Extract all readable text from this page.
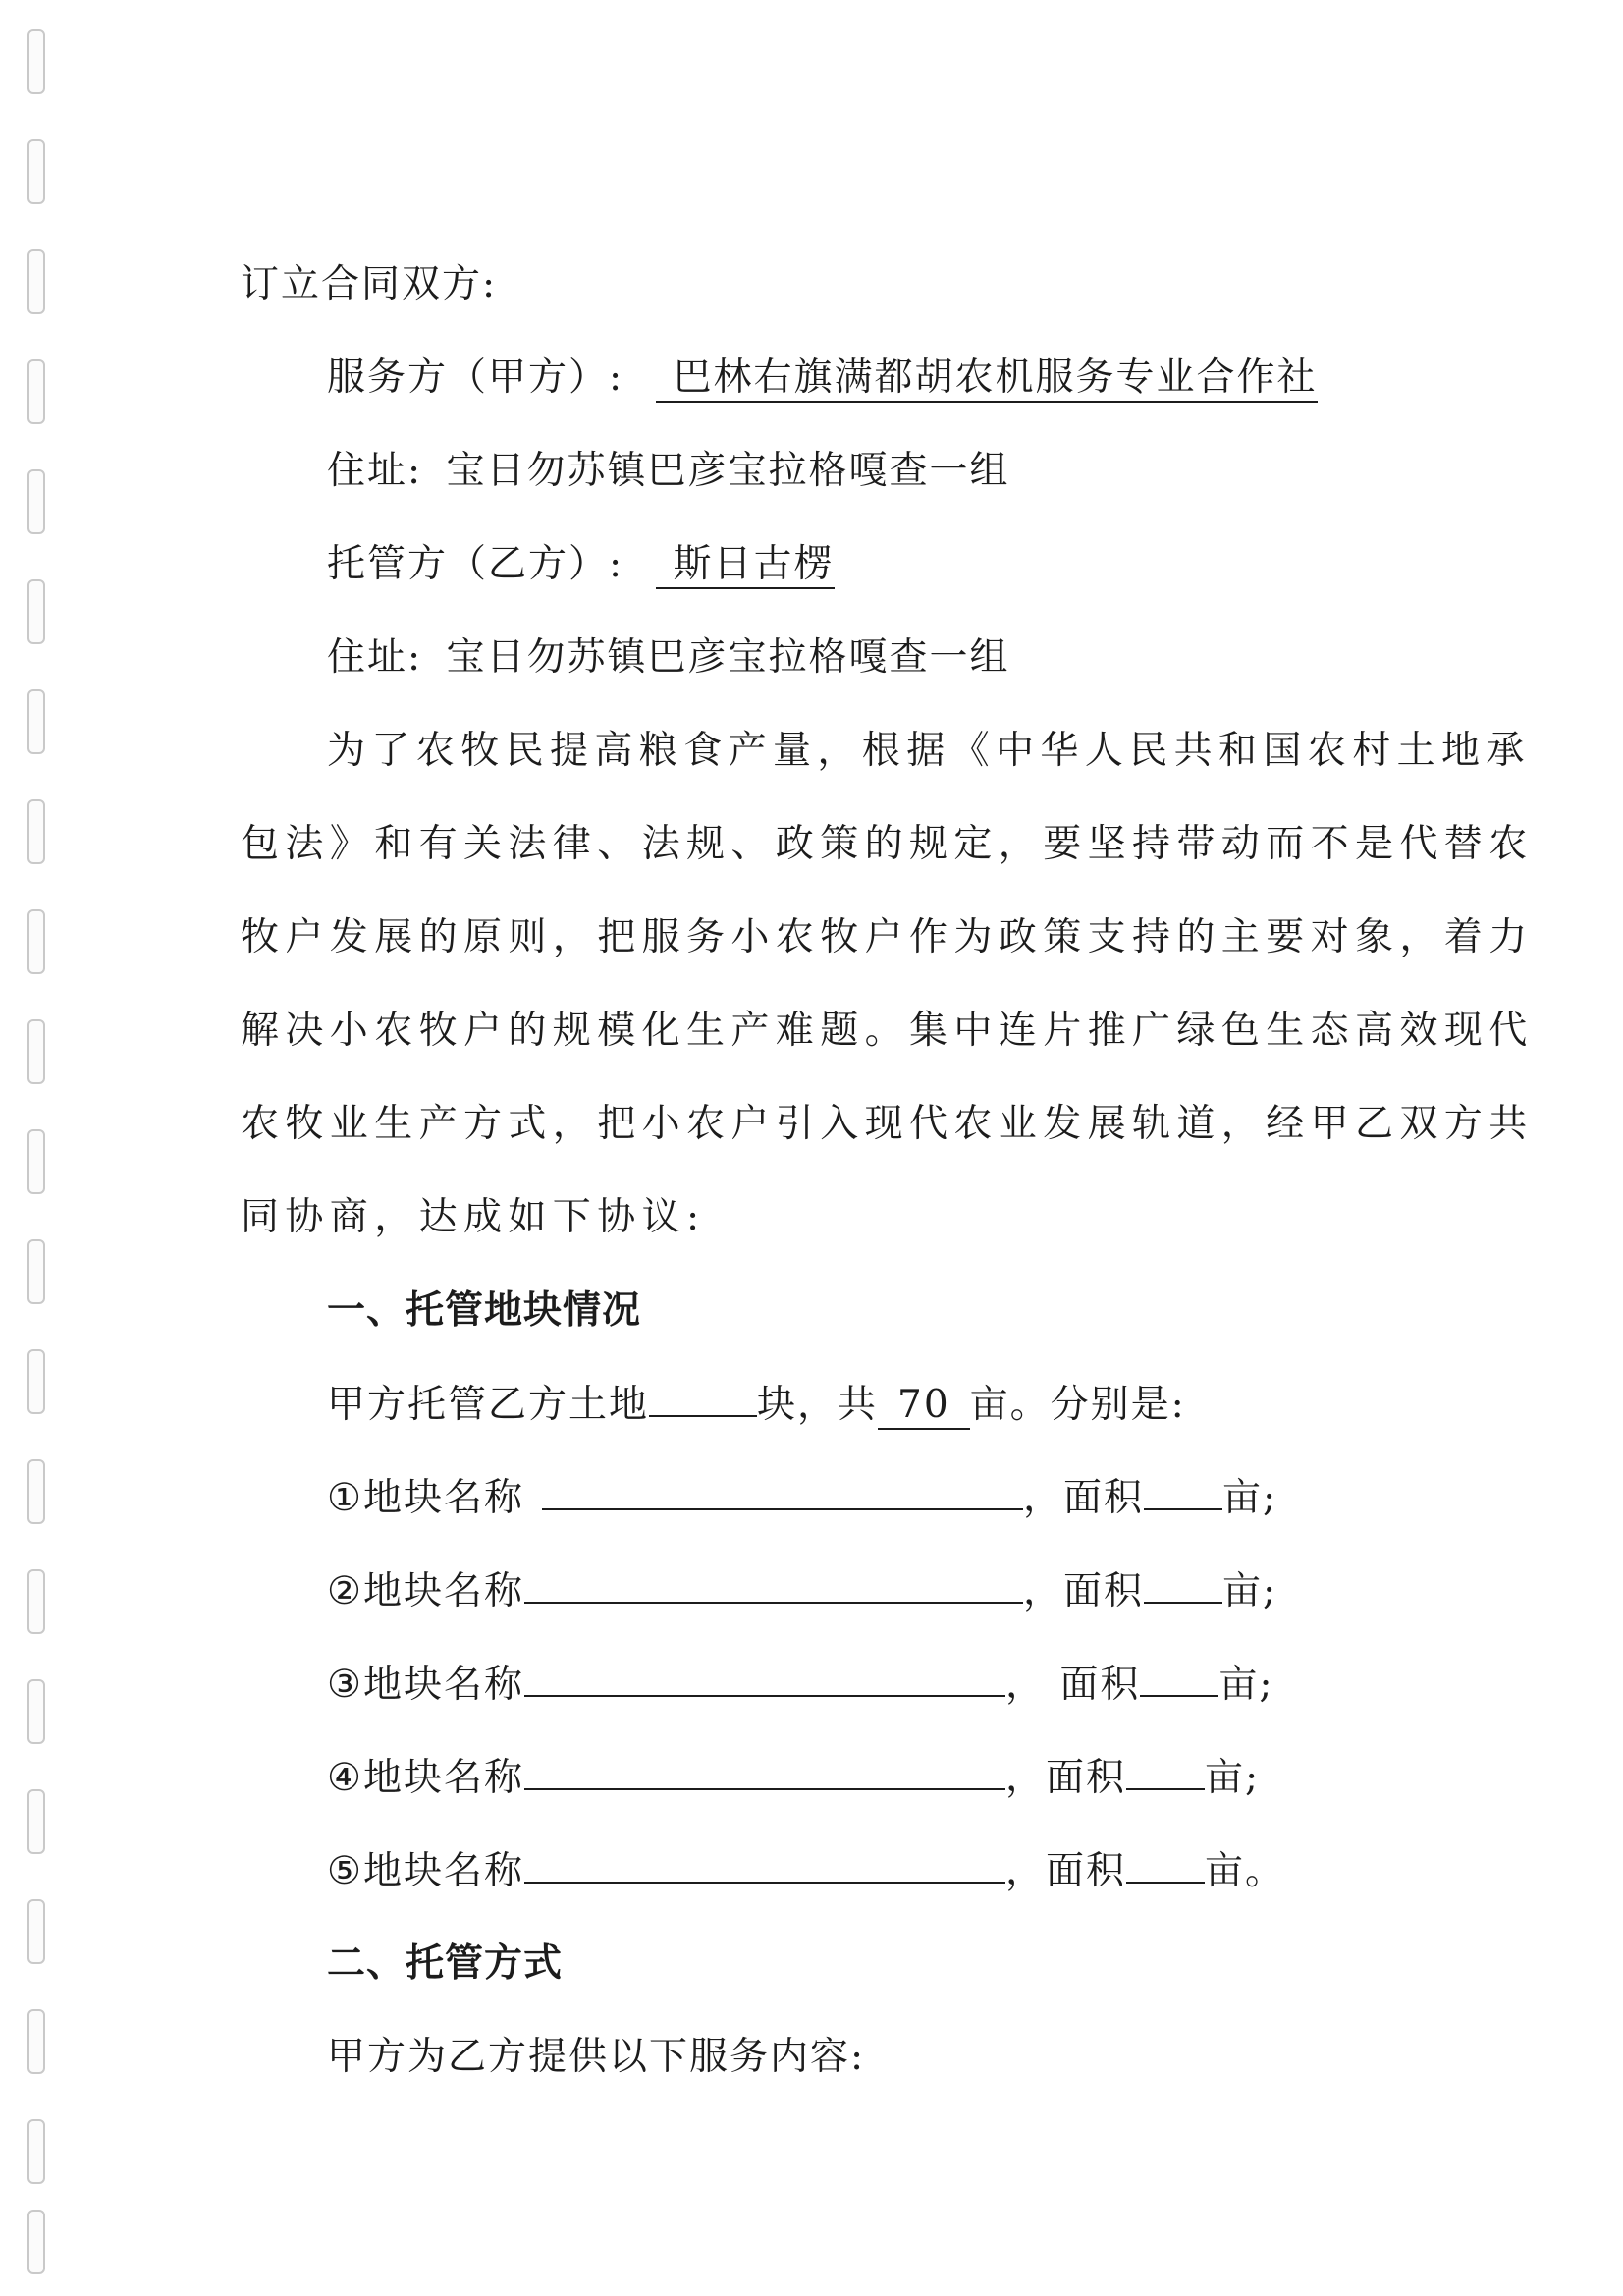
订立合同双方:
服务方（甲方）: 巴林右旗满都胡农机服务专业合作社
住址: 宝日勿苏镇巴彦宝拉格嘎查一组
托管方（乙方）: 斯日古楞
住址: 宝日勿苏镇巴彦宝拉格嘎查一组
为了农牧民提高粮食产量，根据《中华人民共和国农村土地承
包法》和有关法律、法规、政策的规定，要坚持带动而不是代替农
牧户发展的原则，把服务小农牧户作为政策支持的主要对象，着力
解决小农牧户的规模化生产难题。集中连片推广绿色生态高效现代
农牧业生产方式，把小农户引入现代农业发展轨道，经甲乙双方共
同协商，达成如下协议:
一、托管地块情况
甲方托管乙方土地	块，共 70 亩。分别是:
①地块名称	，面积 亩;
②地块名称	，面积 亩;
③地块名称	， 面积 亩;
④地块名称	，面积 亩;
⑤地块名称	，面积 亩。
二、托管方式
甲方为乙方提供以下服务内容:
